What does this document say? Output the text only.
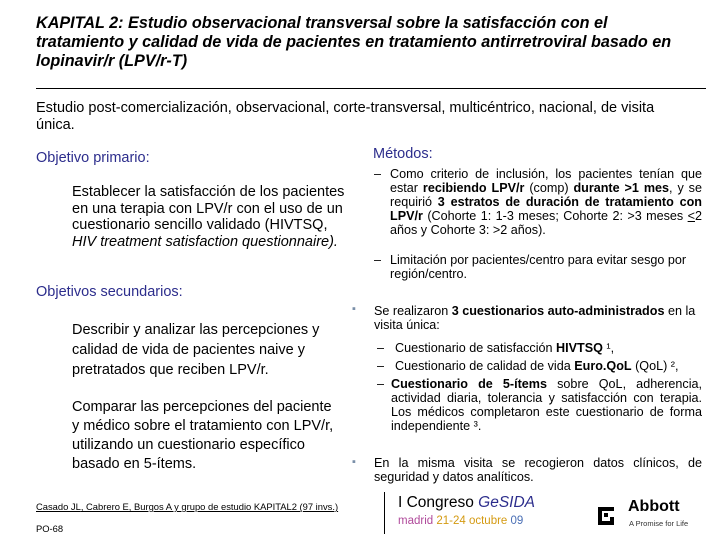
KAPITAL 2: Estudio observacional transversal sobre la satisfacción con el tratamiento y calidad de vida de pacientes en tratamiento antirretroviral basado en lopinavir/r (LPV/r-T)
Estudio post-comercialización, observacional, corte-transversal, multicéntrico, nacional, de visita única.
Objetivo primario:
Establecer la satisfacción de los pacientes en una terapia con LPV/r con el uso de un cuestionario sencillo validado (HIVTSQ, HIV treatment satisfaction questionnaire).
Objetivos secundarios:
Describir y analizar las percepciones y calidad de vida de pacientes naive y pretratados que reciben LPV/r.
Comparar las percepciones del paciente y médico sobre el tratamiento con LPV/r, utilizando un cuestionario específico basado en 5-ítems.
Métodos:
– Como criterio de inclusión, los pacientes tenían que estar recibiendo LPV/r (comp) durante >1 mes, y se requirió 3 estratos de duración de tratamiento con LPV/r (Cohorte 1: 1-3 meses; Cohorte 2: >3 meses <2 años y Cohorte 3: >2 años).
– Limitación por pacientes/centro para evitar sesgo por región/centro.
▪	Se realizaron 3 cuestionarios auto-administrados en la visita única:
– Cuestionario de satisfacción HIVTSQ ¹,
– Cuestionario de calidad de vida Euro.QoL (QoL) ²,
– Cuestionario de 5-ítems sobre QoL, adherencia, actividad diaria, tolerancia y satisfacción con terapia. Los médicos completaron este cuestionario de forma independiente ³.
▪	En la misma visita se recogieron datos clínicos, de seguridad y datos analíticos.
Casado JL, Cabrero E, Burgos A y grupo de estudio KAPITAL2 (97 invs.)
PO-68
I Congreso GeSIDA
madrid 21-24 octubre 09
Abbott
A Promise for Life
